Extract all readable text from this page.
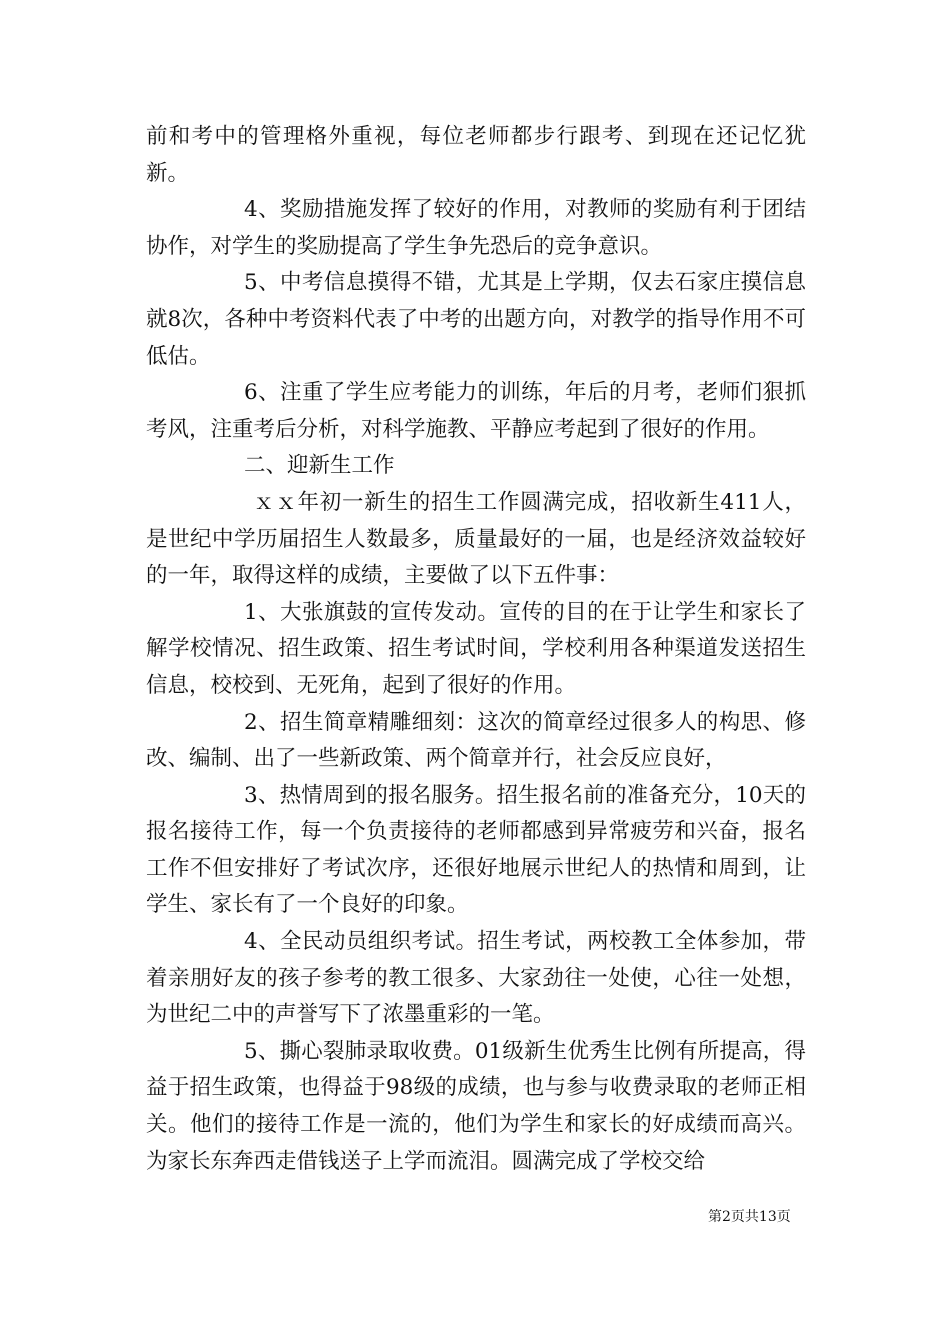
前和考中的管理格外重视，每位老师都步行跟考、到现在还记忆犹新。

4、奖励措施发挥了较好的作用，对教师的奖励有利于团结协作，对学生的奖励提高了学生争先恐后的竞争意识。

5、中考信息摸得不错，尤其是上学期，仅去石家庄摸信息就8次，各种中考资料代表了中考的出题方向，对教学的指导作用不可低估。

6、注重了学生应考能力的训练，年后的月考，老师们狠抓考风，注重考后分析，对科学施教、平静应考起到了很好的作用。

二、迎新生工作

ｘｘ年初一新生的招生工作圆满完成，招收新生411人，是世纪中学历届招生人数最多，质量最好的一届，也是经济效益较好的一年，取得这样的成绩，主要做了以下五件事：

1、大张旗鼓的宣传发动。宣传的目的在于让学生和家长了解学校情况、招生政策、招生考试时间，学校利用各种渠道发送招生信息，校校到、无死角，起到了很好的作用。

2、招生简章精雕细刻：这次的简章经过很多人的构思、修改、编制、出了一些新政策、两个简章并行，社会反应良好，

3、热情周到的报名服务。招生报名前的准备充分，10天的报名接待工作，每一个负责接待的老师都感到异常疲劳和兴奋，报名工作不但安排好了考试次序，还很好地展示世纪人的热情和周到，让学生、家长有了一个良好的印象。

4、全民动员组织考试。招生考试，两校教工全体参加，带着亲朋好友的孩子参考的教工很多、大家劲往一处使，心往一处想，为世纪二中的声誉写下了浓墨重彩的一笔。

5、撕心裂肺录取收费。01级新生优秀生比例有所提高，得益于招生政策，也得益于98级的成绩，也与参与收费录取的老师正相关。他们的接待工作是一流的，他们为学生和家长的好成绩而高兴。为家长东奔西走借钱送子上学而流泪。圆满完成了学校交给

第2页共13页
